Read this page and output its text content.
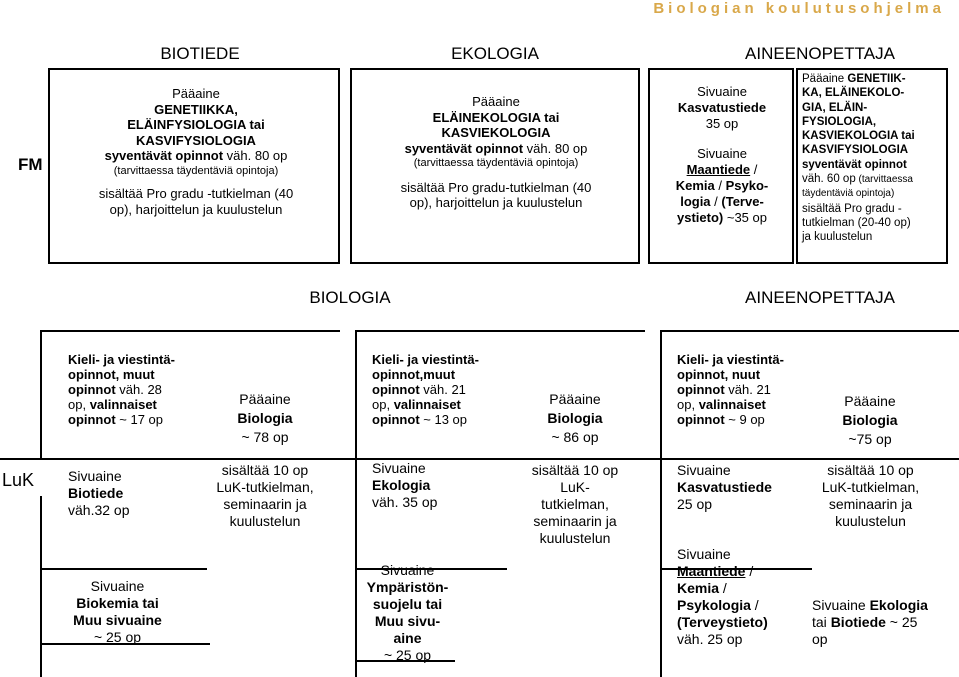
Biologian koulutusohjelma
BIOTIEDE	EKOLOGIA	AINEENOPETTAJA
FM
Pääaine
GENETIIKKA,
ELÄINFYSIOLOGIA tai
KASVIFYSIOLOGIA
syventävät opinnot väh. 80 op
(tarvittaessa täydentäviä opintoja)
sisältää Pro gradu -tutkielman (40
op), harjoittelun ja kuulustelun
Pääaine
ELÄINEKOLOGIA tai
KASVIEKOLOGIA
syventävät opinnot väh. 80 op
(tarvittaessa täydentäviä opintoja)
sisältää Pro gradu-tutkielman (40
op), harjoittelun ja kuulustelun
Sivuaine
Kasvatustiede
35 op
Sivuaine
Maantiede /
Kemia / Psyko-
logia / (Terve-
ystieto) ~35 op
Pääaine GENETIIK-
KA, ELÄINEKOLO-
GIA, ELÄIN-
FYSIOLOGIA,
KASVIEKOLOGIA tai
KASVIFYSIOLOGIA
syventävät opinnot
väh. 60 op (tarvittaessa
täydentäviä opintoja)
sisältää Pro gradu -
tutkielman (20-40 op)
ja kuulustelun
BIOLOGIA	AINEENOPETTAJA
LuK
Kieli- ja viestintä-
opinnot, muut
opinnot väh. 28
op, valinnaiset
opinnot ~ 17 op
Pääaine
Biologia
~ 78 op
Sivuaine
Biotiede
väh.32 op
sisältää 10 op
LuK-tutkielman,
seminaarin ja
kuulustelun
Sivuaine
Biokemia tai
Muu sivuaine
~ 25 op
Kieli- ja viestintä-
opinnot,muut
opinnot väh. 21
op, valinnaiset
opinnot ~ 13 op
Pääaine
Biologia
~ 86 op
Sivuaine
Ekologia
väh. 35 op
sisältää 10 op
LuK-
tutkielman,
seminaarin ja
kuulustelun
Sivuaine
Ympäristön-
suojelu tai
Muu sivu-
aine
~ 25 op
Kieli- ja viestintä-
opinnot, nuut
opinnot väh. 21
op, valinnaiset
opinnot ~ 9 op
Pääaine
Biologia
~75 op
Sivuaine
Kasvatustiede
25 op
sisältää 10 op
LuK-tutkielman,
seminaarin ja
kuulustelun
Sivuaine
Maantiede /
Kemia /
Psykologia /
(Terveystieto)
väh. 25 op
Sivuaine Ekologia
tai Biotiede ~ 25
op
